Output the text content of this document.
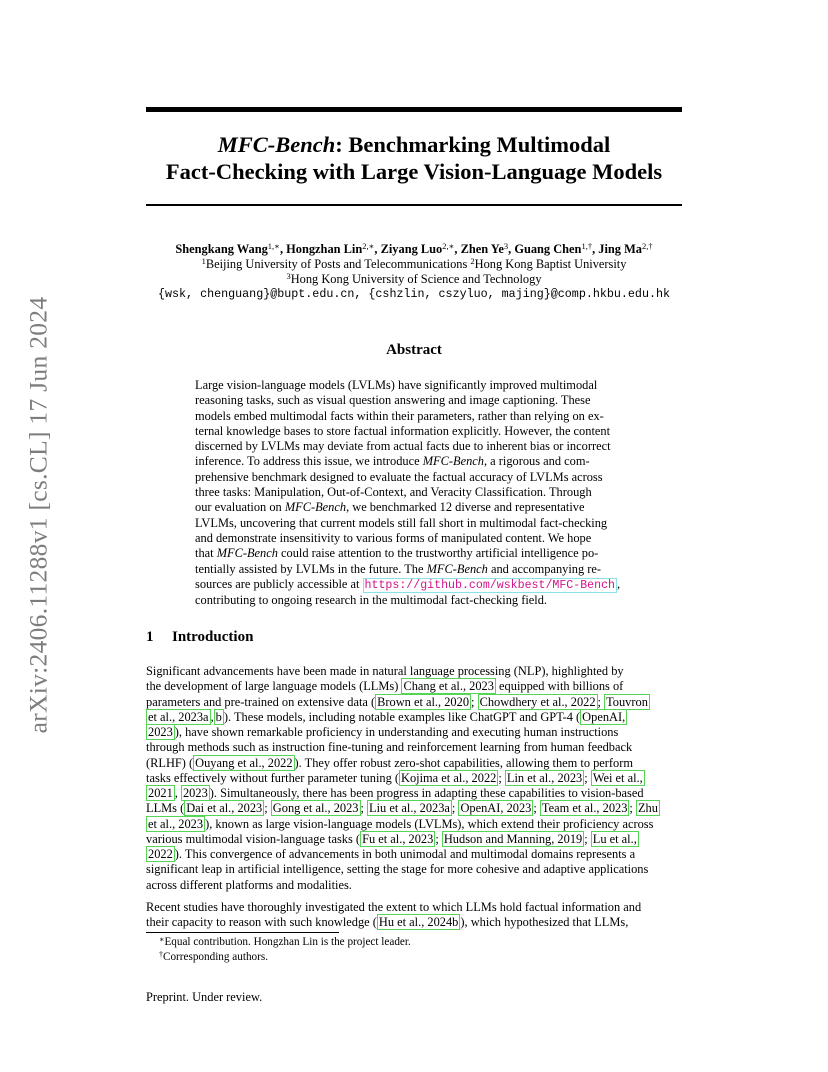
arXiv:2406.11288v1 [cs.CL] 17 Jun 2024
MFC-Bench: Benchmarking Multimodal
Fact-Checking with Large Vision-Language Models
Shengkang Wang$^{1,∗}$, Hongzhan Lin$^{2,∗}$, Ziyang Luo$^{2,∗}$, Zhen Ye$^3$, Guang Chen$^{1,\dagger}$, Jing $Ma^{2,\dagger}$
$^1$Beijing University of Posts and Telecommunications $^2$Hong Kong Baptist University
$^3$Hong Kong University of Science and Technology
{wsk, chenguang}@bupt.edu.cn, {cshzlin, cszyluo, majing}@comp.hkbu.edu.hk
Abstract
Large vision-language models (LVLMs) have significantly improved multimodal
reasoning tasks, such as visual question answering and image captioning. These
models embed multimodal facts within their parameters, rather than relying on ex-
ternal knowledge bases to store factual information explicitly. However, the content
discerned by LVLMs may deviate from actual facts due to inherent bias or incorrect
inference. To address this issue, we introduce MFC-Bench, a rigorous and com-
prehensive benchmark designed to evaluate the factual accuracy of LVLMs across
three tasks: Manipulation, Out-of-Context, and Veracity Classification. Through
our evaluation on MFC-Bench, we benchmarked 12 diverse and representative
LVLMs, uncovering that current models still fall short in multimodal fact-checking
and demonstrate insensitivity to various forms of manipulated content. We hope
that MFC-Bench could raise attention to the trustworthy artificial intelligence po-
tentially assisted by LVLMs in the future. The MFC-Bench and accompanying re-
sources are publicly accessible at https://github.com/wskbest/MFC-Bench ,
contributing to ongoing research in the multimodal fact-checking field.
1 Introduction
Significant advancements have been made in natural language processing (NLP), highlighted by
the development of large language models (LLMs) Chang et al., 2023 equipped with billions of
parameters and pre-trained on extensive data ( Brown et al., 2020 ; Chowdhery et al., 2022 ; Touvron
et al., 2023a , b ). These models, including notable examples like ChatGPT and GPT-4 ( OpenAI,
2023 ), have shown remarkable proficiency in understanding and executing human instructions
through methods such as instruction fine-tuning and reinforcement learning from human feedback
(RLHF) ( Ouyang et al., 2022 ). They offer robust zero-shot capabilities, allowing them to perform
tasks effectively without further parameter tuning ( Kojima et al., 2022 ; Lin et al., 2023 ; Wei et al.,
2021 , 2023 ). Simultaneously, there has been progress in adapting these capabilities to vision-based
LLMs ( Dai et al., 2023 ; Gong et al., 2023 ; Liu et al., 2023a ; OpenAI, 2023 ; Team et al., 2023 ; Zhu
et al., 2023 ), known as large vision-language models (LVLMs), which extend their proficiency across
various multimodal vision-language tasks ( Fu et al., 2023 ; Hudson and Manning, 2019 ; Lu et al.,
2022 ). This convergence of advancements in both unimodal and multimodal domains represents a
significant leap in artificial intelligence, setting the stage for more cohesive and adaptive applications
across different platforms and modalities.
Recent studies have thoroughly investigated the extent to which LLMs hold factual information and
their capacity to reason with such knowledge ( Hu et al., 2024b ), which hypothesized that LLMs,
∗Equal contribution. Hongzhan Lin is the project leader.
†Corresponding authors.
Preprint. Under review.
